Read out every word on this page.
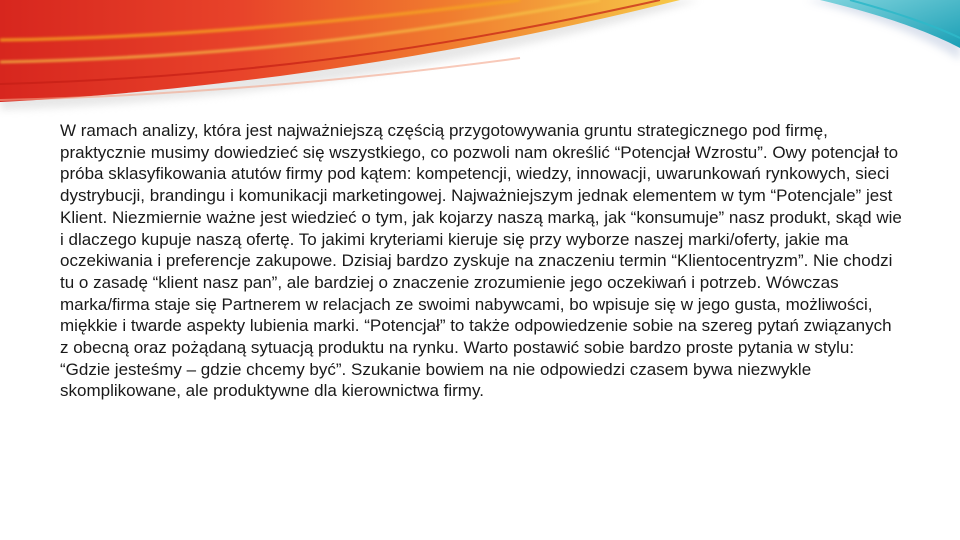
W ramach analizy, która jest najważniejszą częścią przygotowywania gruntu strategicznego pod firmę, praktycznie musimy dowiedzieć się wszystkiego, co pozwoli nam określić “Potencjał Wzrostu”. Owy potencjał to próba sklasyfikowania atutów firmy pod kątem: kompetencji, wiedzy, innowacji, uwarunkowań rynkowych, sieci dystrybucji, brandingu i komunikacji marketingowej. Najważniejszym jednak elementem w tym “Potencjale” jest Klient. Niezmiernie ważne jest wiedzieć o tym, jak kojarzy naszą marką, jak “konsumuje” nasz produkt, skąd wie i dlaczego kupuje naszą ofertę. To jakimi kryteriami kieruje się przy wyborze naszej marki/oferty, jakie ma oczekiwania i preferencje zakupowe. Dzisiaj bardzo zyskuje na znaczeniu termin “Klientocentryzm”. Nie chodzi tu o zasadę “klient nasz pan”, ale bardziej o znaczenie zrozumienie jego oczekiwań i potrzeb. Wówczas marka/firma staje się Partnerem w relacjach ze swoimi nabywcami, bo wpisuje się w jego gusta, możliwości, miękkie i twarde aspekty lubienia marki. “Potencjał” to także odpowiedzenie sobie na szereg pytań związanych z obecną oraz pożądaną sytuacją produktu na rynku. Warto postawić sobie bardzo proste pytania w stylu: “Gdzie jesteśmy – gdzie chcemy być”. Szukanie bowiem na nie odpowiedzi czasem bywa niezwykle skomplikowane, ale produktywne dla kierownictwa firmy.
